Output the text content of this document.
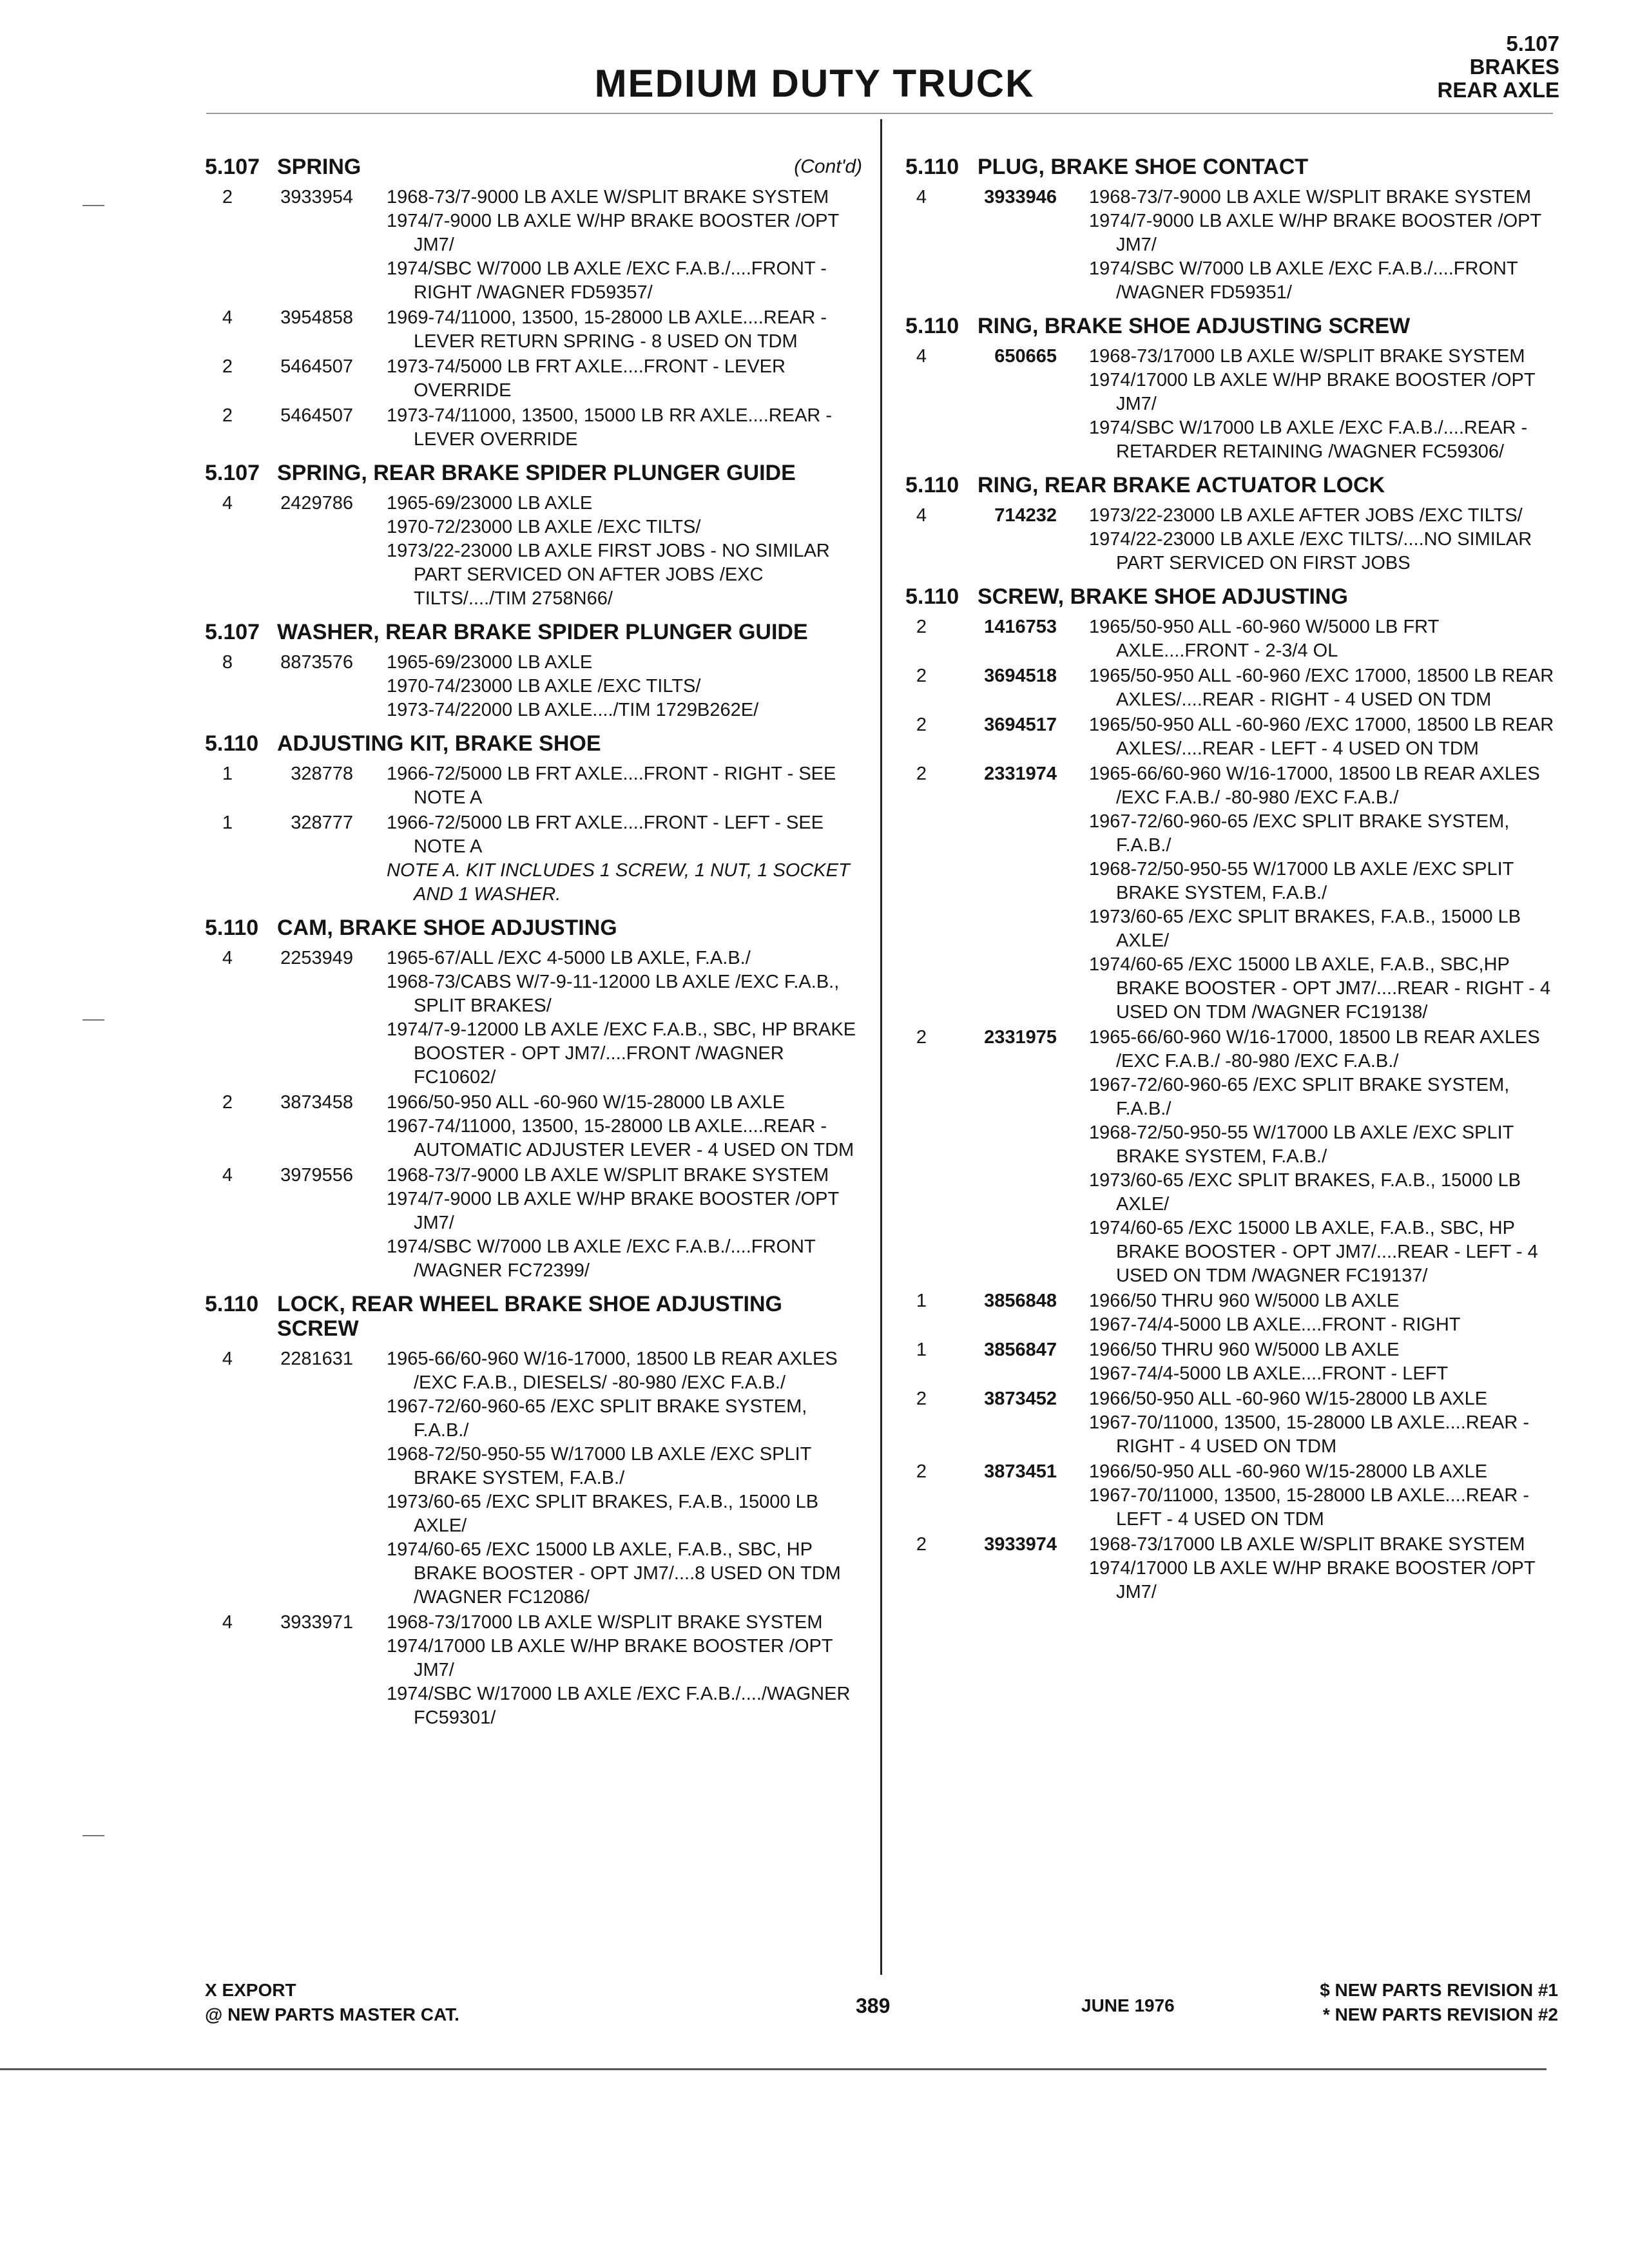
MEDIUM DUTY TRUCK
5.107
BRAKES
REAR AXLE
5.107 SPRING	(Cont'd)
2	3933954 1968-73/7-9000 LB AXLE W/SPLIT BRAKE SYSTEM
1974/7-9000 LB AXLE W/HP BRAKE BOOSTER /OPT JM7/
1974/SBC W/7000 LB AXLE /EXC F.A.B./....FRONT - RIGHT /WAGNER FD59357/
4	3954858 1969-74/11000, 13500, 15-28000 LB AXLE....REAR - LEVER RETURN SPRING - 8 USED ON TDM
2	5464507 1973-74/5000 LB FRT AXLE....FRONT - LEVER OVERRIDE
2	5464507 1973-74/11000, 13500, 15000 LB RR AXLE....REAR - LEVER OVERRIDE
5.107 SPRING, REAR BRAKE SPIDER PLUNGER GUIDE
4	2429786 1965-69/23000 LB AXLE
1970-72/23000 LB AXLE /EXC TILTS/
1973/22-23000 LB AXLE FIRST JOBS - NO SIMILAR PART SERVICED ON AFTER JOBS /EXC TILTS/..../TIM 2758N66/
5.107 WASHER, REAR BRAKE SPIDER PLUNGER GUIDE
8	8873576 1965-69/23000 LB AXLE
1970-74/23000 LB AXLE /EXC TILTS/
1973-74/22000 LB AXLE..../TIM 1729B262E/
5.110 ADJUSTING KIT, BRAKE SHOE
1	328778 1966-72/5000 LB FRT AXLE....FRONT - RIGHT - SEE NOTE A
1	328777 1966-72/5000 LB FRT AXLE....FRONT - LEFT - SEE NOTE A
NOTE A. KIT INCLUDES 1 SCREW, 1 NUT, 1 SOCKET AND 1 WASHER.
5.110 CAM, BRAKE SHOE ADJUSTING
4	2253949 1965-67/ALL /EXC 4-5000 LB AXLE, F.A.B./
1968-73/CABS W/7-9-11-12000 LB AXLE /EXC F.A.B., SPLIT BRAKES/
1974/7-9-12000 LB AXLE /EXC F.A.B., SBC, HP BRAKE BOOSTER - OPT JM7/....FRONT /WAGNER FC10602/
2	3873458 1966/50-950 ALL -60-960 W/15-28000 LB AXLE
1967-74/11000, 13500, 15-28000 LB AXLE....REAR - AUTOMATIC ADJUSTER LEVER - 4 USED ON TDM
4	3979556 1968-73/7-9000 LB AXLE W/SPLIT BRAKE SYSTEM
1974/7-9000 LB AXLE W/HP BRAKE BOOSTER /OPT JM7/
1974/SBC W/7000 LB AXLE /EXC F.A.B./....FRONT /WAGNER FC72399/
5.110 LOCK, REAR WHEEL BRAKE SHOE ADJUSTING SCREW
4	2281631 1965-66/60-960 W/16-17000, 18500 LB REAR AXLES /EXC F.A.B., DIESELS/ -80-980 /EXC F.A.B./
1967-72/60-960-65 /EXC SPLIT BRAKE SYSTEM, F.A.B./
1968-72/50-950-55 W/17000 LB AXLE /EXC SPLIT BRAKE SYSTEM, F.A.B./
1973/60-65 /EXC SPLIT BRAKES, F.A.B., 15000 LB AXLE/
1974/60-65 /EXC 15000 LB AXLE, F.A.B., SBC, HP BRAKE BOOSTER - OPT JM7/....8 USED ON TDM /WAGNER FC12086/
4	3933971 1968-73/17000 LB AXLE W/SPLIT BRAKE SYSTEM
1974/17000 LB AXLE W/HP BRAKE BOOSTER /OPT JM7/
1974/SBC W/17000 LB AXLE /EXC F.A.B./..../WAGNER FC59301/
5.110 PLUG, BRAKE SHOE CONTACT
4	3933946 1968-73/7-9000 LB AXLE W/SPLIT BRAKE SYSTEM
1974/7-9000 LB AXLE W/HP BRAKE BOOSTER /OPT JM7/
1974/SBC W/7000 LB AXLE /EXC F.A.B./....FRONT /WAGNER FD59351/
5.110 RING, BRAKE SHOE ADJUSTING SCREW
4	650665 1968-73/17000 LB AXLE W/SPLIT BRAKE SYSTEM
1974/17000 LB AXLE W/HP BRAKE BOOSTER /OPT JM7/
1974/SBC W/17000 LB AXLE /EXC F.A.B./....REAR - RETARDER RETAINING /WAGNER FC59306/
5.110 RING, REAR BRAKE ACTUATOR LOCK
4	714232 1973/22-23000 LB AXLE AFTER JOBS /EXC TILTS/
1974/22-23000 LB AXLE /EXC TILTS/....NO SIMILAR PART SERVICED ON FIRST JOBS
5.110 SCREW, BRAKE SHOE ADJUSTING
2	1416753 1965/50-950 ALL -60-960 W/5000 LB FRT AXLE....FRONT - 2-3/4 OL
2	3694518 1965/50-950 ALL -60-960 /EXC 17000, 18500 LB REAR AXLES/....REAR - RIGHT - 4 USED ON TDM
2	3694517 1965/50-950 ALL -60-960 /EXC 17000, 18500 LB REAR AXLES/....REAR - LEFT - 4 USED ON TDM
2	2331974 1965-66/60-960 W/16-17000, 18500 LB REAR AXLES /EXC F.A.B./ -80-980 /EXC F.A.B./
1967-72/60-960-65 /EXC SPLIT BRAKE SYSTEM, F.A.B./
1968-72/50-950-55 W/17000 LB AXLE /EXC SPLIT BRAKE SYSTEM, F.A.B./
1973/60-65 /EXC SPLIT BRAKES, F.A.B., 15000 LB AXLE/
1974/60-65 /EXC 15000 LB AXLE, F.A.B., SBC,HP BRAKE BOOSTER - OPT JM7/....REAR - RIGHT - 4 USED ON TDM /WAGNER FC19138/
2	2331975 1965-66/60-960 W/16-17000, 18500 LB REAR AXLES /EXC F.A.B./ -80-980 /EXC F.A.B./
1967-72/60-960-65 /EXC SPLIT BRAKE SYSTEM, F.A.B./
1968-72/50-950-55 W/17000 LB AXLE /EXC SPLIT BRAKE SYSTEM, F.A.B./
1973/60-65 /EXC SPLIT BRAKES, F.A.B., 15000 LB AXLE/
1974/60-65 /EXC 15000 LB AXLE, F.A.B., SBC, HP BRAKE BOOSTER - OPT JM7/....REAR - LEFT - 4 USED ON TDM /WAGNER FC19137/
1	3856848 1966/50 THRU 960 W/5000 LB AXLE
1967-74/4-5000 LB AXLE....FRONT - RIGHT
1	3856847 1966/50 THRU 960 W/5000 LB AXLE
1967-74/4-5000 LB AXLE....FRONT - LEFT
2	3873452 1966/50-950 ALL -60-960 W/15-28000 LB AXLE
1967-70/11000, 13500, 15-28000 LB AXLE....REAR - RIGHT - 4 USED ON TDM
2	3873451 1966/50-950 ALL -60-960 W/15-28000 LB AXLE
1967-70/11000, 13500, 15-28000 LB AXLE....REAR - LEFT - 4 USED ON TDM
2	3933974 1968-73/17000 LB AXLE W/SPLIT BRAKE SYSTEM
1974/17000 LB AXLE W/HP BRAKE BOOSTER /OPT JM7/
X EXPORT
@ NEW PARTS MASTER CAT.	389	JUNE 1976
$ NEW PARTS REVISION #1
* NEW PARTS REVISION #2
